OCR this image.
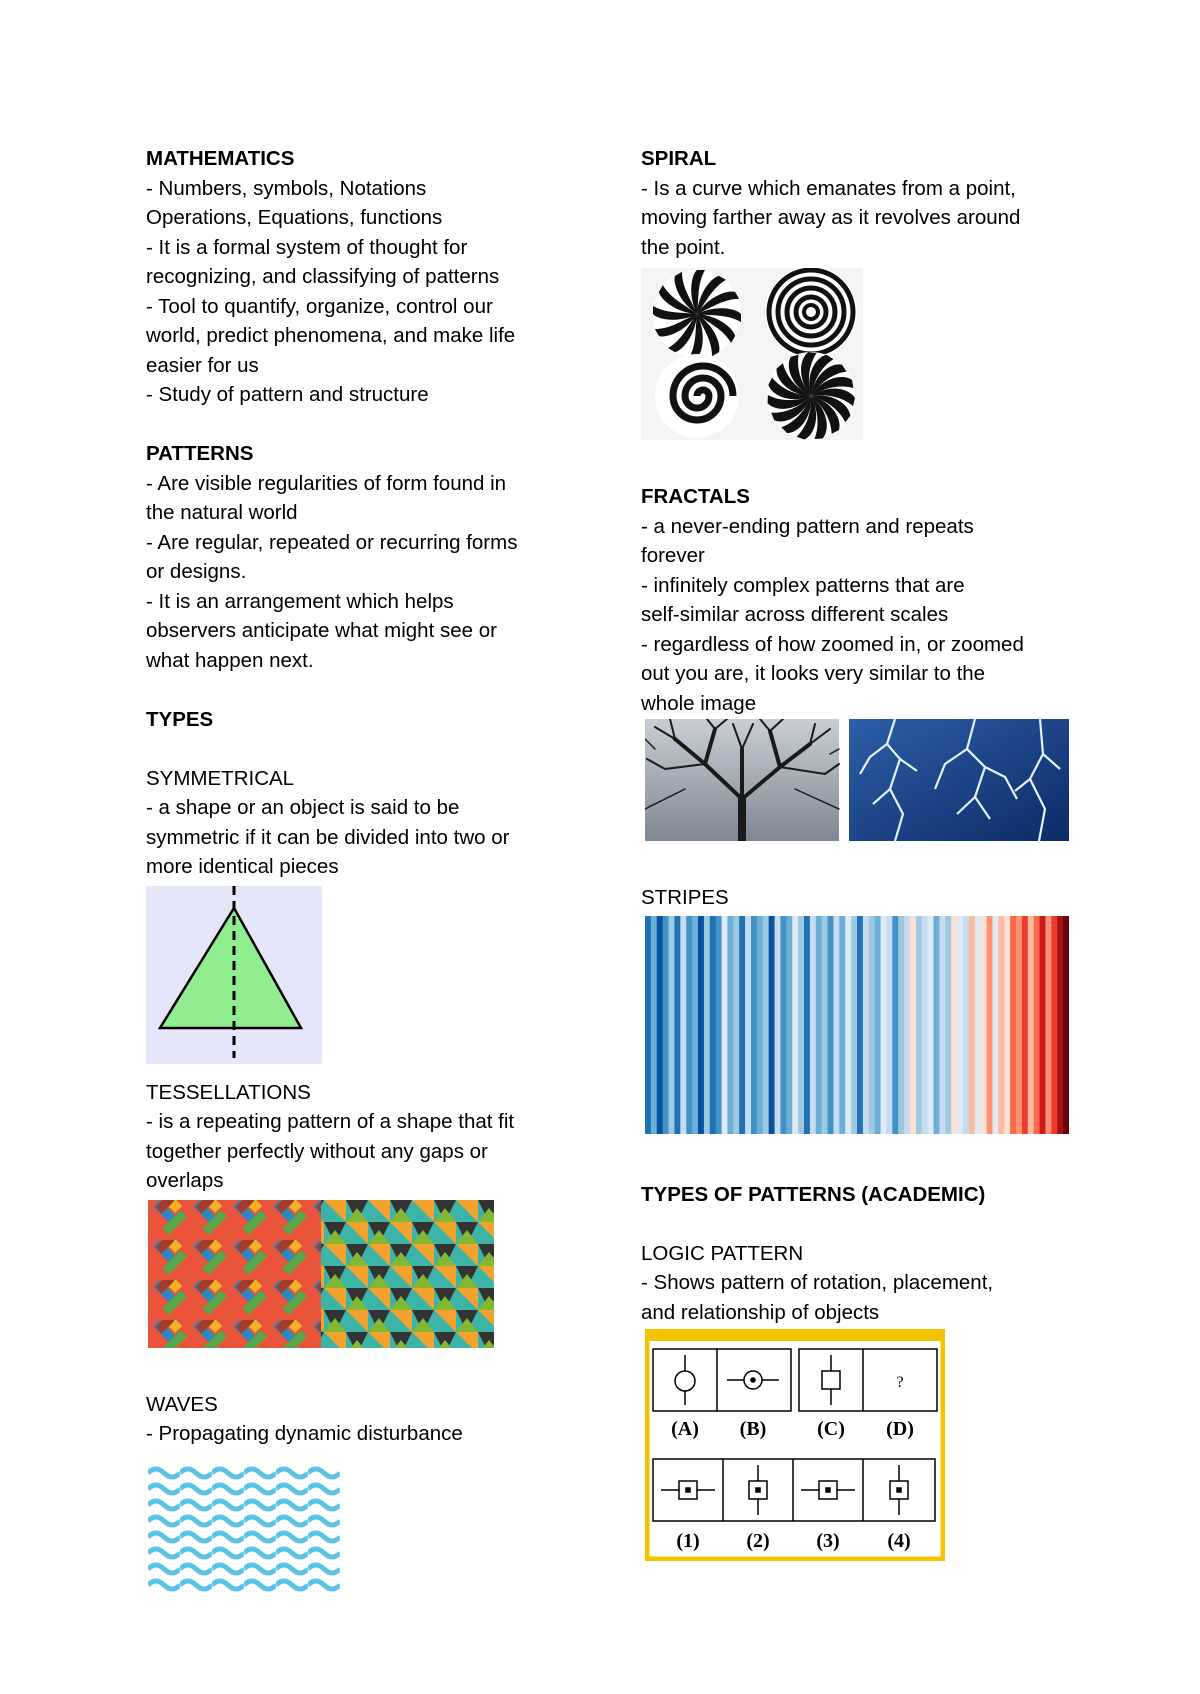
MATHEMATICS
- Numbers, symbols, Notations
Operations, Equations, functions
- It is a formal system of thought for
recognizing, and classifying of patterns
- Tool to quantify, organize, control our
world, predict phenomena, and make life
easier for us
- Study of pattern and structure
PATTERNS
- Are visible regularities of form found in
the natural world
- Are regular, repeated or recurring forms
or designs.
- It is an arrangement which helps
observers anticipate what might see or
what happen next.
TYPES
SYMMETRICAL
- a shape or an object is said to be
symmetric if it can be divided into two or
more identical pieces
TESSELLATIONS
- is a repeating pattern of a shape that fit
together perfectly without any gaps or
overlaps
WAVES
- Propagating dynamic disturbance
SPIRAL
- Is a curve which emanates from a point,
moving farther away as it revolves around
the point.
FRACTALS
- a never-ending pattern and repeats
forever
- infinitely complex patterns that are
self-similar across different scales
- regardless of how zoomed in, or zoomed
out you are, it looks very similar to the
whole image
STRIPES
TYPES OF PATTERNS (ACADEMIC)
LOGIC PATTERN
- Shows pattern of rotation, placement,
and relationship of objects
?
(A) (B)	(C) (D)
(1) (2) (3) (4)
